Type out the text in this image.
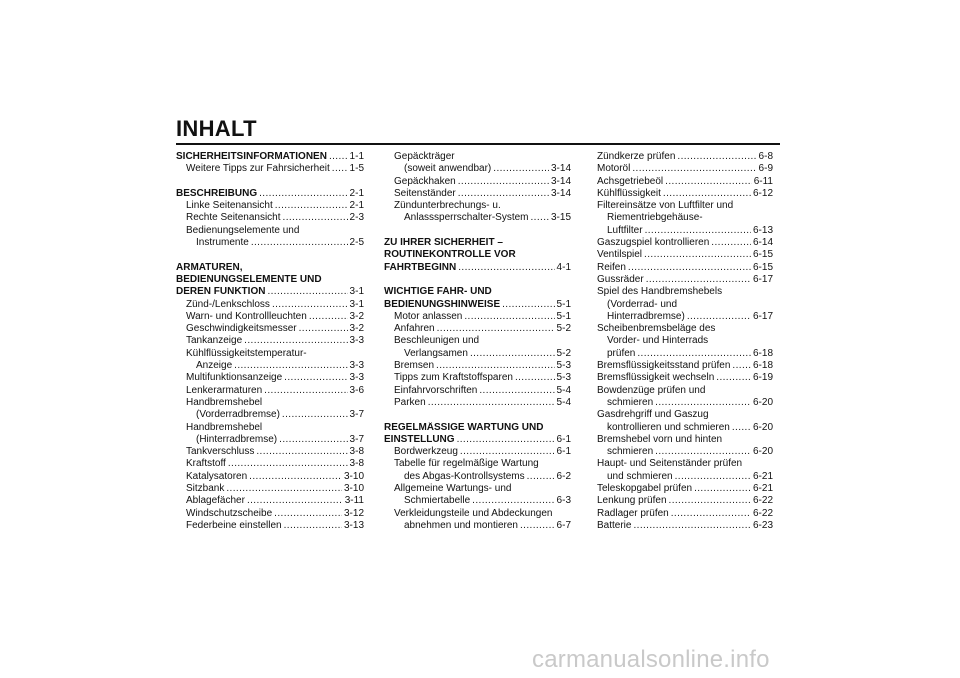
INHALT
SICHERHEITSINFORMATIONEN ..... 1-1
Weitere Tipps zur Fahrsicherheit ..... 1-5
BESCHREIBUNG .....	2-1
Linke Seitenansicht .....	2-1
Rechte Seitenansicht .....	2-3
Bedienungselemente und
Instrumente .....	2-5
ARMATUREN,
BEDIENUNGSELEMENTE UND
DEREN FUNKTION .....	3-1
Zünd-/Lenkschloss .....	3-1
Warn- und Kontrollleuchten .....	3-2
Geschwindigkeitsmesser .....	3-2
Tankanzeige .....	3-3
Kühlflüssigkeitstemperatur-
Anzeige .....	3-3
Multifunktionsanzeige .....	3-3
Lenkerarmaturen .....	3-6
Handbremshebel
(Vorderradbremse) .....	3-7
Handbremshebel
(Hinterradbremse) .....	3-7
Tankverschluss .....	3-8
Kraftstoff .....	3-8
Katalysatoren .....	3-10
Sitzbank .....	3-10
Ablagefächer .....	3-11
Windschutzscheibe .....	3-12
Federbeine einstellen .....	3-13
Gepäckträger
(soweit anwendbar) .....	3-14
Gepäckhaken .....	3-14
Seitenständer .....	3-14
Zündunterbrechungs- u.
Anlasssperrschalter-System ..... 3-15
ZU IHRER SICHERHEIT –
ROUTINEKONTROLLE VOR
FAHRTBEGINN .....	4-1
WICHTIGE FAHR- UND
BEDIENUNGSHINWEISE .....	5-1
Motor anlassen .....	5-1
Anfahren .....	5-2
Beschleunigen und
Verlangsamen .....	5-2
Bremsen .....	5-3
Tipps zum Kraftstoffsparen .....	5-3
Einfahrvorschriften .....	5-4
Parken .....	5-4
REGELMÄSSIGE WARTUNG UND
EINSTELLUNG .....	6-1
Bordwerkzeug .....	6-1
Tabelle für regelmäßige Wartung
des Abgas-Kontrollsystems .....	6-2
Allgemeine Wartungs- und
Schmiertabelle .....	6-3
Verkleidungsteile und Abdeckungen
abnehmen und montieren .....	6-7
Zündkerze prüfen .....	6-8
Motoröl .....	6-9
Achsgetriebeöl .....	6-11
Kühlflüssigkeit .....	6-12
Filtereinsätze von Luftfilter und
Riementriebgehäuse-
Luftfilter .....	6-13
Gaszugspiel kontrollieren .....	6-14
Ventilspiel .....	6-15
Reifen .....	6-15
Gussräder .....	6-17
Spiel des Handbremshebels
(Vorderrad- und
Hinterradbremse) .....	6-17
Scheibenbremsbeläge des
Vorder- und Hinterrads
prüfen .....	6-18
Bremsflüssigkeitsstand prüfen ..... 6-18
Bremsflüssigkeit wechseln .....	6-19
Bowdenzüge prüfen und
schmieren .....	6-20
Gasdrehgriff und Gaszug
kontrollieren und schmieren ..... 6-20
Bremshebel vorn und hinten
schmieren .....	6-20
Haupt- und Seitenständer prüfen
und schmieren .....	6-21
Teleskopgabel prüfen .....	6-21
Lenkung prüfen .....	6-22
Radlager prüfen .....	6-22
Batterie .....	6-23
carmanualsonline.info
